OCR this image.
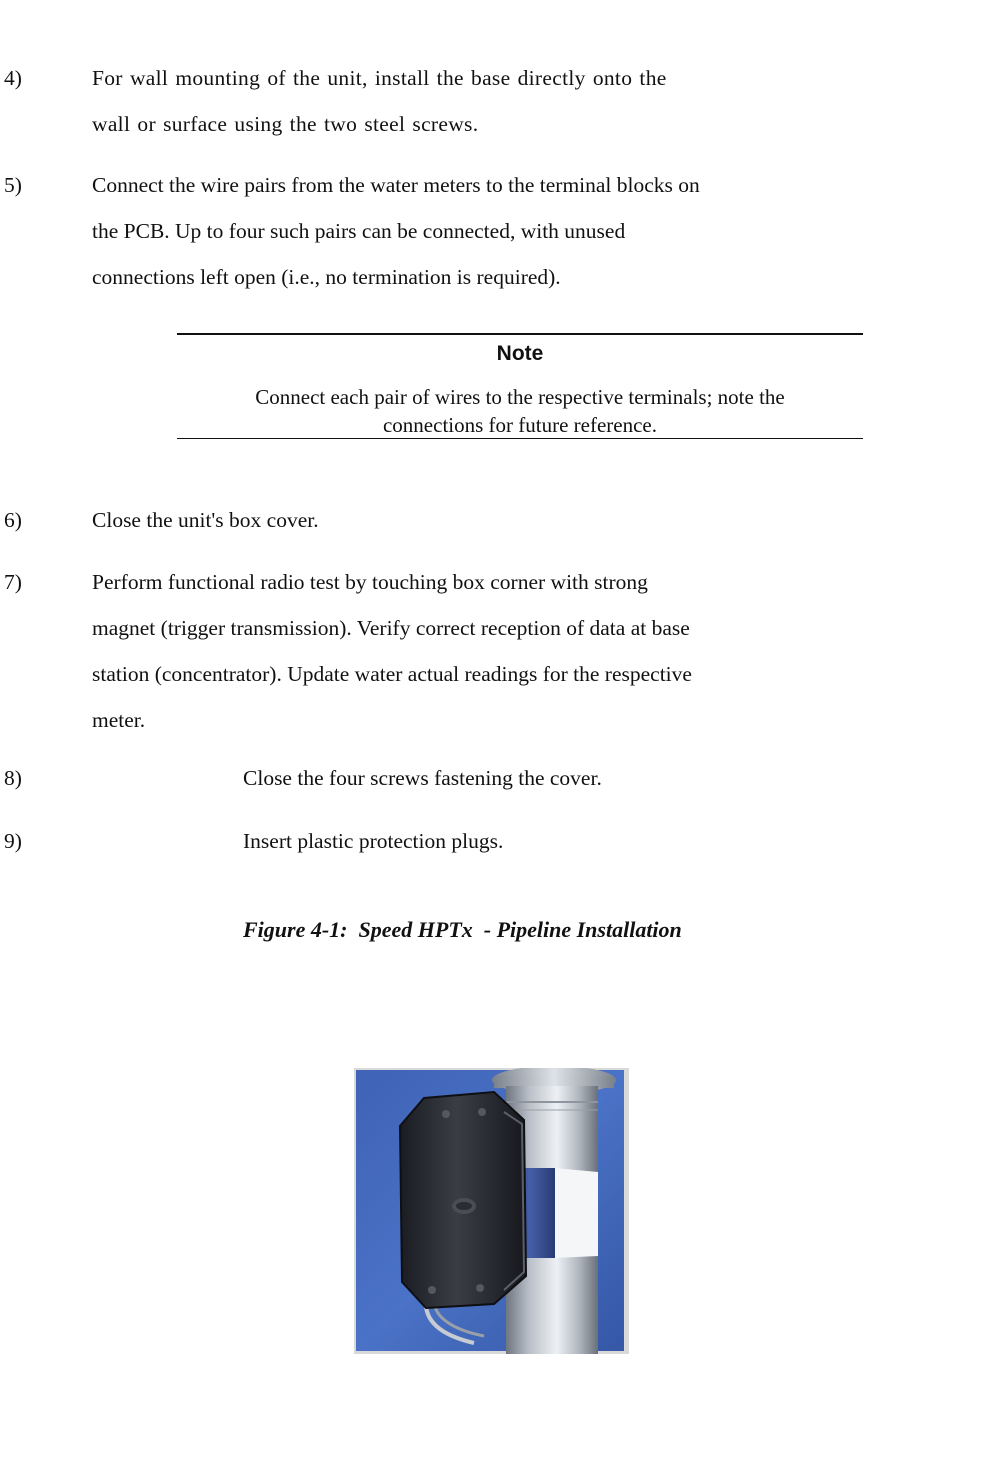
4)	For wall mounting of the unit, install the base directly onto the
wall or surface using the two steel screws.
5)	Connect the wire pairs from the water meters to the terminal blocks on
the PCB. Up to four such pairs can be connected, with unused
connections left open (i.e., no termination is required).
Note
Connect each pair of wires to the respective terminals; note the
connections for future reference.
6)	Close the unit's box cover.
7)	Perform functional radio test by touching box corner with strong
magnet (trigger transmission). Verify correct reception of data at base
station (concentrator). Update water actual readings for the respective
meter.
8)	Close the four screws fastening the cover.
9)	Insert plastic protection plugs.
Figure 4-1:  Speed HPTx  - Pipeline Installation
